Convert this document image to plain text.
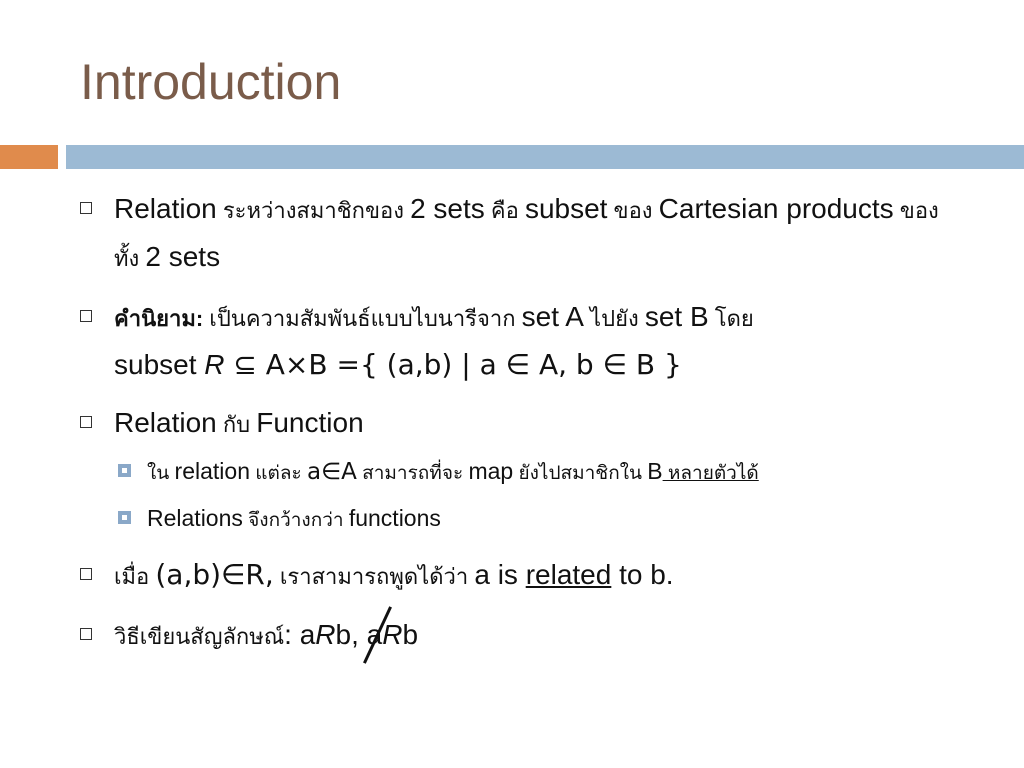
Introduction
Relation ระหว่างสมาชิกของ 2 sets คือ subset ของ Cartesian products ของทั้ง 2 sets
คำนิยาม: เป็นความสัมพันธ์แบบไบนารีจาก set A ไปยัง set B โดย
subset R ⊆ A×B ={ (a,b) | a ∈ A, b ∈ B }
Relation กับ Function
ใน relation แต่ละ a∈A สามารถที่จะ map ยังไปสมาชิกใน B หลายตัวได้
Relations จึงกว้างกว่า functions
เมื่อ (a,b)∈R, เราสามารถพูดได้ว่า a is related to b.
วิธีเขียนสัญลักษณ์: aRb, aR
b
